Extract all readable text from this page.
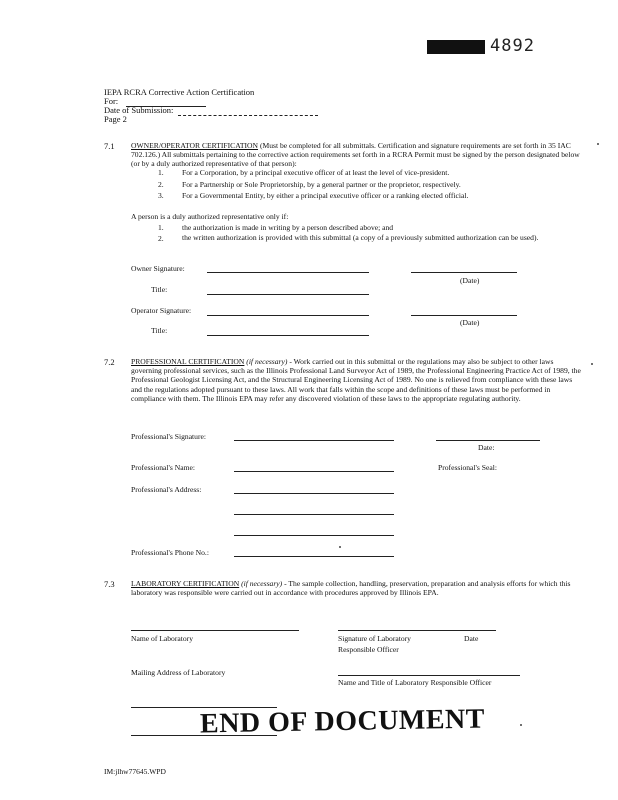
4892
IEPA RCRA Corrective Action Certification
For:
Date of Submission:
Page 2
7.1 OWNER/OPERATOR CERTIFICATION (Must be completed for all submittals. Certification and signature requirements are set forth in 35 IAC 702.126.) All submittals pertaining to the corrective action requirements set forth in a RCRA Permit must be signed by the person designated below (or by a duly authorized representative of that person):
1. For a Corporation, by a principal executive officer of at least the level of vice-president.
2. For a Partnership or Sole Proprietorship, by a general partner or the proprietor, respectively.
3. For a Governmental Entity, by either a principal executive officer or a ranking elected official.
A person is a duly authorized representative only if:
1. the authorization is made in writing by a person described above; and
2. the written authorization is provided with this submittal (a copy of a previously submitted authorization can be used).
Owner Signature:
(Date)
Title:
Operator Signature:
(Date)
Title:
7.2 PROFESSIONAL CERTIFICATION (if necessary) - Work carried out in this submittal or the regulations may also be subject to other laws governing professional services, such as the Illinois Professional Land Surveyor Act of 1989, the Professional Engineering Practice Act of 1989, the Professional Geologist Licensing Act, and the Structural Engineering Licensing Act of 1989. No one is relieved from compliance with these laws and the regulations adopted pursuant to these laws. All work that falls within the scope and definitions of these laws must be performed in compliance with them. The Illinois EPA may refer any discovered violation of these laws to the appropriate regulating authority.
Professional's Signature:
Date:
Professional's Name:	Professional's Seal:
Professional's Address:
Professional's Phone No.:
7.3 LABORATORY CERTIFICATION (if necessary) - The sample collection, handling, preservation, preparation and analysis efforts for which this laboratory was responsible were carried out in accordance with procedures approved by Illinois EPA.
Name of Laboratory	Signature of Laboratory
Responsible Officer
Date
Mailing Address of Laboratory
Name and Title of Laboratory Responsible Officer
END OF DOCUMENT
IM:jlhw77645.WPD
